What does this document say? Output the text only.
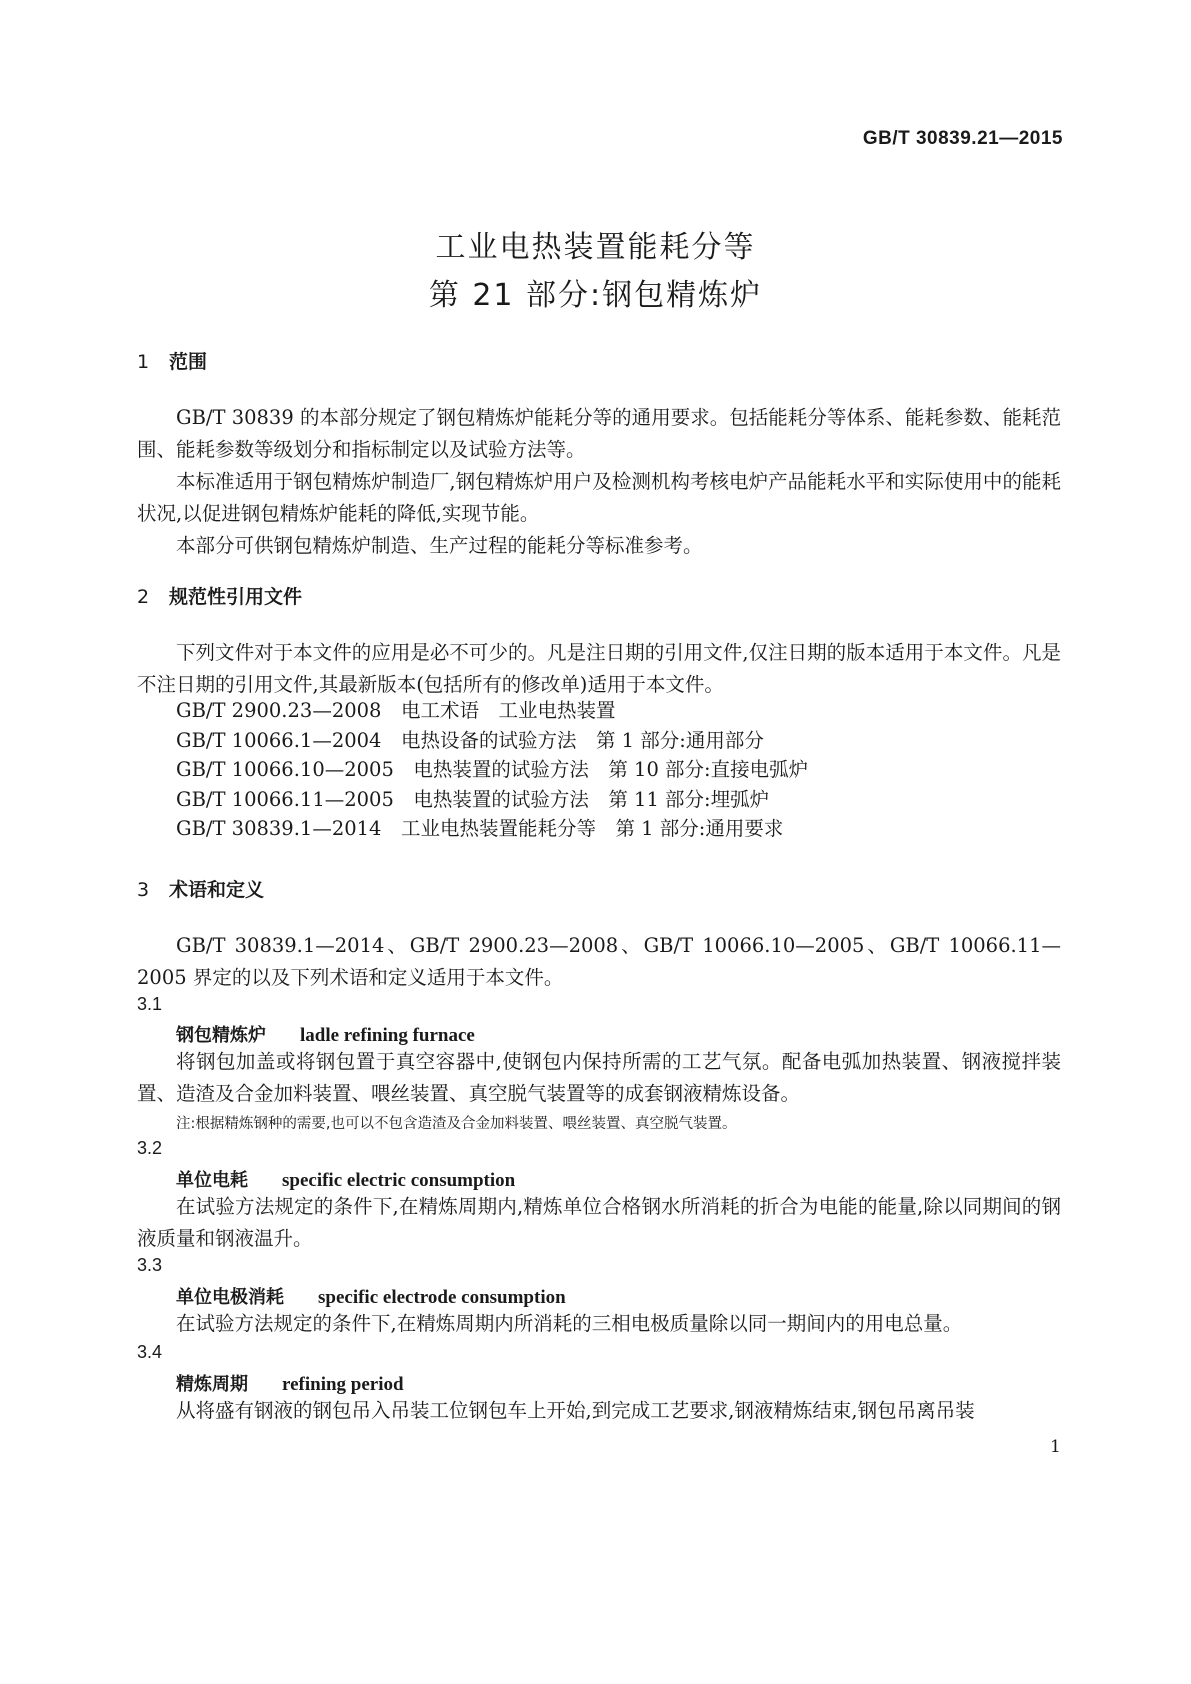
GB/T 30839.21—2015
工业电热装置能耗分等
第 21 部分:钢包精炼炉
1 范围

GB/T 30839 的本部分规定了钢包精炼炉能耗分等的通用要求。包括能耗分等体系、能耗参数、能耗范围、能耗参数等级划分和指标制定以及试验方法等。

本标准适用于钢包精炼炉制造厂,钢包精炼炉用户及检测机构考核电炉产品能耗水平和实际使用中的能耗状况,以促进钢包精炼炉能耗的降低,实现节能。

本部分可供钢包精炼炉制造、生产过程的能耗分等标准参考。

2 规范性引用文件

下列文件对于本文件的应用是必不可少的。凡是注日期的引用文件,仅注日期的版本适用于本文件。凡是不注日期的引用文件,其最新版本(包括所有的修改单)适用于本文件。

GB/T 2900.23—2008　电工术语　工业电热装置
GB/T 10066.1—2004　电热设备的试验方法　第 1 部分:通用部分
GB/T 10066.10—2005　电热装置的试验方法　第 10 部分:直接电弧炉
GB/T 10066.11—2005　电热装置的试验方法　第 11 部分:埋弧炉
GB/T 30839.1—2014　工业电热装置能耗分等　第 1 部分:通用要求
3 术语和定义

GB/T 30839.1—2014、GB/T 2900.23—2008、GB/T 10066.10—2005、GB/T 10066.11—2005 界定的以及下列术语和定义适用于本文件。

3.1
钢包精炼炉 ladle refining furnace

将钢包加盖或将钢包置于真空容器中,使钢包内保持所需的工艺气氛。配备电弧加热装置、钢液搅拌装置、造渣及合金加料装置、喂丝装置、真空脱气装置等的成套钢液精炼设备。

注:根据精炼钢种的需要,也可以不包含造渣及合金加料装置、喂丝装置、真空脱气装置。
3.2
单位电耗 specific electric consumption

在试验方法规定的条件下,在精炼周期内,精炼单位合格钢水所消耗的折合为电能的能量,除以同期间的钢液质量和钢液温升。

3.3
单位电极消耗 specific electrode consumption

在试验方法规定的条件下,在精炼周期内所消耗的三相电极质量除以同一期间内的用电总量。

3.4
精炼周期 refining period

从将盛有钢液的钢包吊入吊装工位钢包车上开始,到完成工艺要求,钢液精炼结束,钢包吊离吊装

1
